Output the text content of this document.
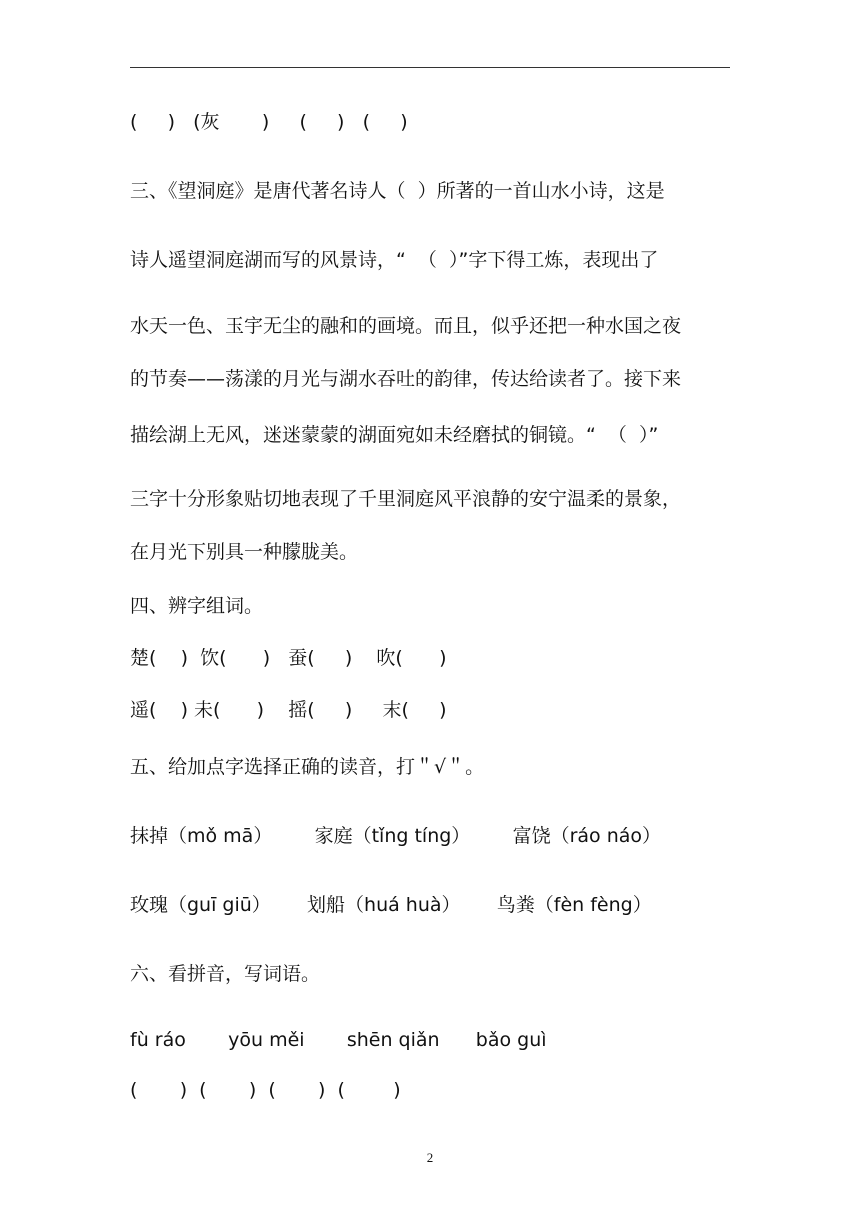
(     )   (灰       )     (     )   (     )
三、《望洞庭》是唐代著名诗人（  ）所著的一首山水小诗，这是
诗人遥望洞庭湖而写的风景诗，“  （  ）”字下得工炼，表现出了
水天一色、玉宇无尘的融和的画境。而且，似乎还把一种水国之夜
的节奏——荡漾的月光与湖水吞吐的韵律，传达给读者了。接下来
描绘湖上无风，迷迷蒙蒙的湖面宛如未经磨拭的铜镜。“  （  ）”
三字十分形象贴切地表现了千里洞庭风平浪静的安宁温柔的景象，
在月光下别具一种朦胧美。
四、辨字组词。
楚(    )  饮(      )   蚕(     )    吹(      )
遥(    ) 未(      )    摇(     )     末(     )
五、给加点字选择正确的读音，打＂√＂。
抹掉（mǒ mā）       家庭（tǐng tíng）       富饶（ráo náo）
玫瑰（guī giū）      划船（huá huà）      鸟粪（fèn fèng）
六、看拼音，写词语。
fù ráo       yōu měi       shēn qiǎn      bǎo guì
(       )  (       )  (       )  (        )
2
